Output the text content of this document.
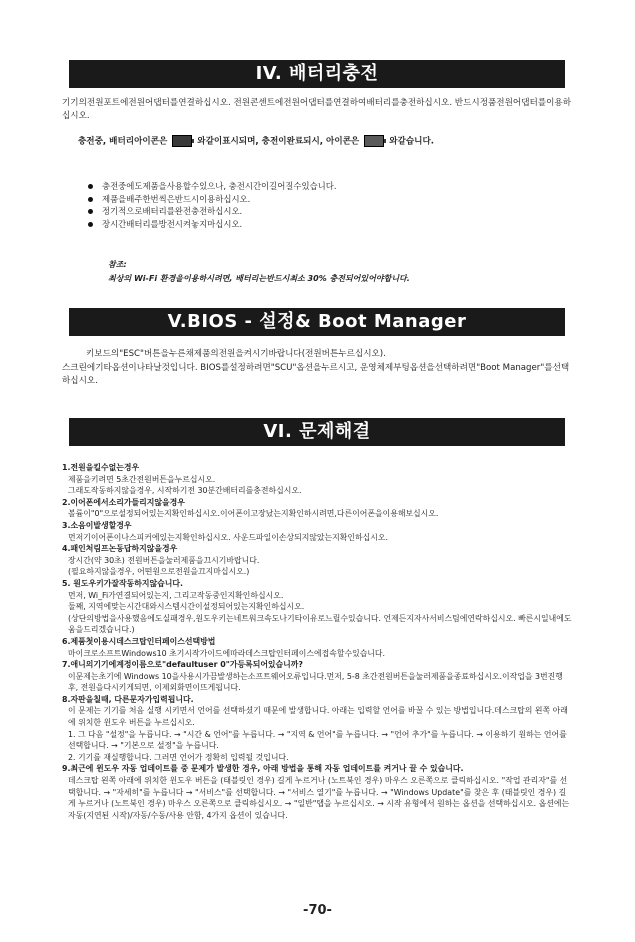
IV. 배터리충전

기기의전원포트에전원어댑터를연결하십시오. 전원콘센트에전원어댑터를연결하여배터리를충전하십시오. 반드시정품전원어댑터를이용하십시오.

충전중, 배터리아이콘은	와같이표시되며, 충전이완료되시, 아이콘은	와같습니다.

충전중에도제품을사용할수있으나, 충전시간이길어질수있습니다.
제품을배주한번씩은반드시이용하십시오.
정기적으로배터리를완전충전하십시오.
장시간배터리를방전시켜놓지마십시오.

참조:

최상의 Wi-Fi 환경을이용하시려면, 배터리는반드시최소 30% 충전되어있어야합니다.

V.BIOS - 설정& Boot Manager

키보드의"ESC"버튼을누른채제품의전원을켜시기바랍니다(전원버튼누르십시오).

스크린에기타옵션이나타날것입니다. BIOS를설정하려면"SCU"옵션을누르시고, 운영체제부팅옵션을선택하려면"Boot Manager"를선택하십시오.

VI. 문제해결

1.전원을킬수없는경우

제품을키려면 5초간전원버튼을누르십시오.

그래도작동하지않을경우, 시작하기전 30분간배터리를충전하십시오.

2.이어폰에서소리가들리지않을경우

볼륨이"0"으로설정되어있는지확인하십시오.이어폰이고장났는지확인하시려면,다른이어폰을이용해보십시오.

3.소음이발생할경우

먼저기이어폰이나스피커에있는지확인하십시오. 사운드파일이손상되지않았는지확인하십시오.

4.패인처림프논동답하지않을경우

장시간(약 30초) 전원버튼을눌러제품을끄시기바랍니다.

(필요하지않을경우, 어떤원으로전원을끄지마십시오.)

5. 원도우키가잘작동하지않습니다.

먼저, Wi_Fi가연결되어있는지, 그리고작동중인지확인하십시오.

둘째, 지역에맞는시간대와시스템시간이설정되어있는지확인하십시오.

(상단의방법을사용했음에도실패경우,원도우키는네트워크속도나기타이유로느릴수있습니다. 언제든지자사서비스팀에연락하십시오. 빠른시일내에도움을드리겠습니다.)

6.제품첫이용시데스크탑인터페이스선택방법

마이크로소프트Windows10 초기시작가이드에따라데스크탑인터페이스에접속할수있습니다.

7.애니의기기에계정이름으로"defaultuser 0"가등록되어있습니까?

이문제는초기에 Windows 10을사용시가끔발생하는소프트웨어오류입니다.먼저, 5-8 초간전원버튼을눌러제품을종료하십시오.이작업을 3번진행후, 전원을다시키게되면, 이제외화면이뜨게됩니다.

8.자판을칠때, 다른문자가입력됩니다.

이 문제는 기기를 처음 실행 시키면서 언어를 선택하셨기 때문에 발생합니다. 아래는 입력할 언어를 바꿀 수 있는 방법입니다.데스크탑의 왼쪽 아래에 위치한 윈도우 버튼을 누르십시오.

1. 그 다음 "설정"을 누릅니다. → "시간 & 언어"를 누릅니다. → "지역 & 언어"를 누릅니다. → "언어 추가"를 누릅니다. → 이용하기 원하는 언어를 선택합니다. → "기본으로 설정"을 누릅니다.

2. 기기를 재실행합니다. 그러면 언어가 정확히 입력될 것입니다.

9.최근에 윈도우 자동 업데이트를 중 문제가 발생한 경우, 아래 방법을 통해 자동 업데이트를 켜거나 끌 수 있습니다.

데스크탑 왼쪽 아래에 위치한 윈도우 버튼을 (태블릿인 경우) 길게 누르거나 (노트북인 경우) 마우스 오른쪽으로 클릭하십시오. "작업 관리자"를 선택합니다. → "자세히"를 누릅니다 → "서비스"를 선택합니다. → "서비스 열기"를 누릅니다. → "Windows Update"를 찾은 후 (태블릿인 경우) 길게 누르거나 (노트북인 경우) 마우스 오른쪽으로 클릭하십시오. → "일반"탭을 누르십시오. → 시작 유형에서 원하는 옵션을 선택하십시오. 옵션에는 자동(지연된 시작)/자동/수동/사용 안함, 4가지 옵션이 있습니다.

-70-
